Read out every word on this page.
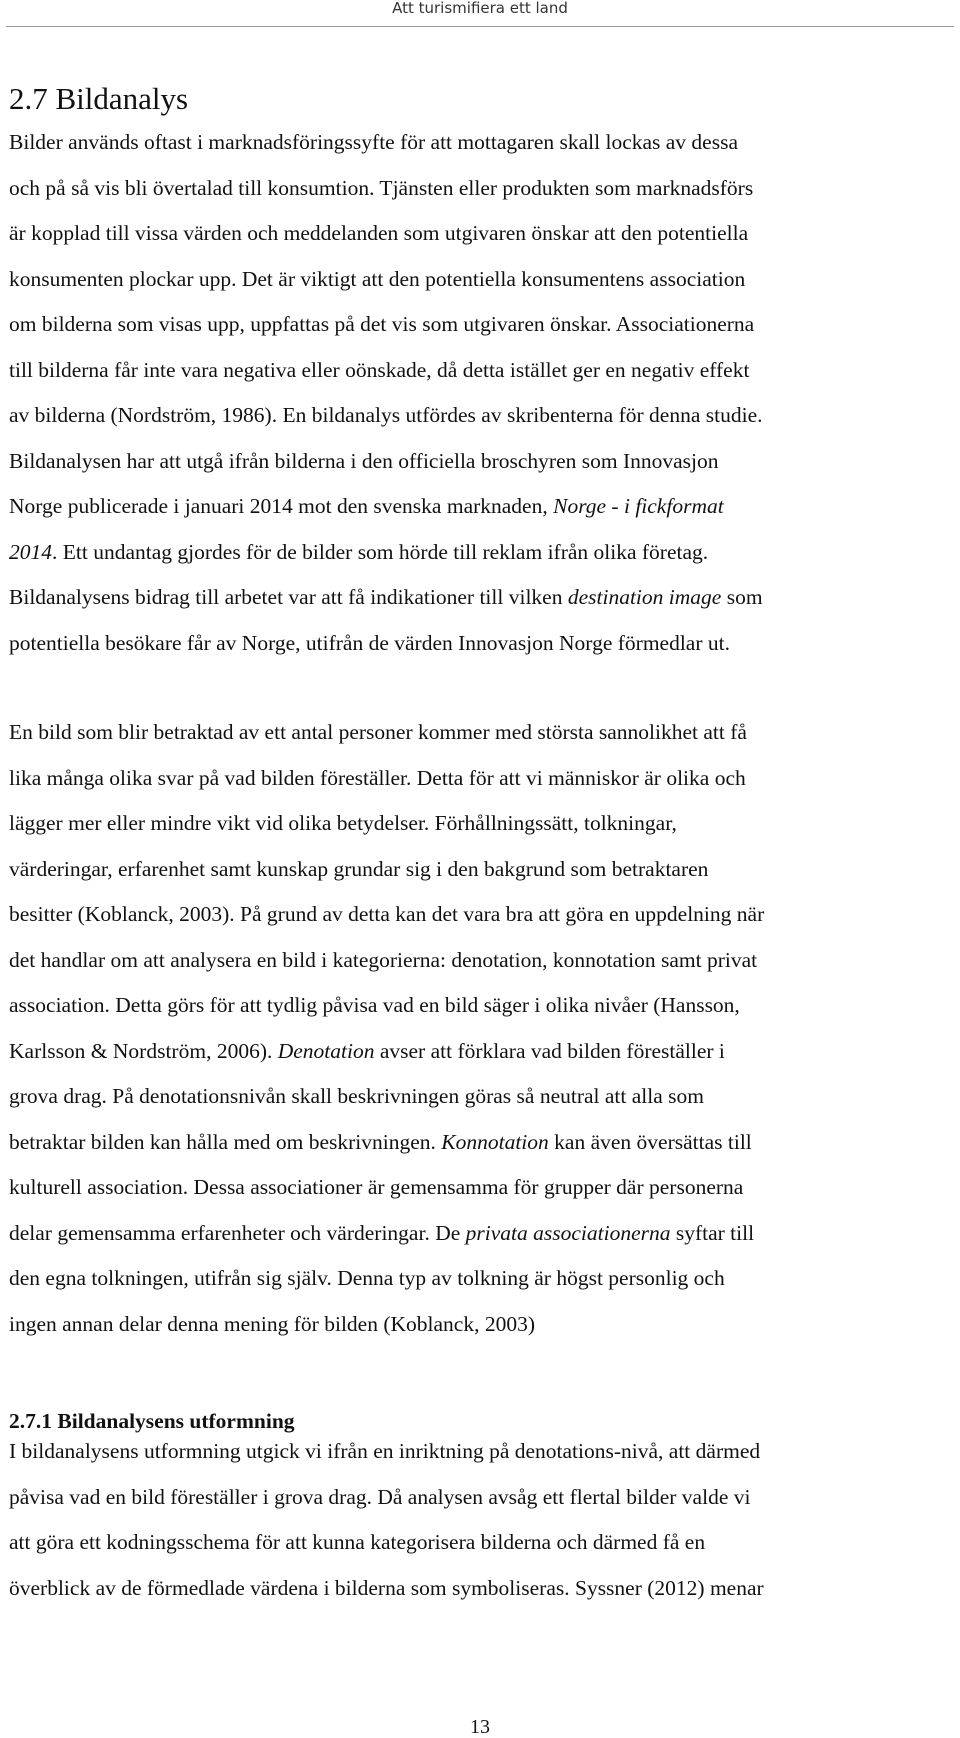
Att turismifiera ett land
2.7 Bildanalys
Bilder används oftast i marknadsföringssyfte för att mottagaren skall lockas av dessa
och på så vis bli övertalad till konsumtion. Tjänsten eller produkten som marknadsförs
är kopplad till vissa värden och meddelanden som utgivaren önskar att den potentiella
konsumenten plockar upp. Det är viktigt att den potentiella konsumentens association
om bilderna som visas upp, uppfattas på det vis som utgivaren önskar. Associationerna
till bilderna får inte vara negativa eller oönskade, då detta istället ger en negativ effekt
av bilderna (Nordström, 1986). En bildanalys utfördes av skribenterna för denna studie.
Bildanalysen har att utgå ifrån bilderna i den officiella broschyren som Innovasjon
Norge publicerade i januari 2014 mot den svenska marknaden, Norge - i fickformat
2014. Ett undantag gjordes för de bilder som hörde till reklam ifrån olika företag.
Bildanalysens bidrag till arbetet var att få indikationer till vilken destination image som
potentiella besökare får av Norge, utifrån de värden Innovasjon Norge förmedlar ut.
En bild som blir betraktad av ett antal personer kommer med största sannolikhet att få
lika många olika svar på vad bilden föreställer. Detta för att vi människor är olika och
lägger mer eller mindre vikt vid olika betydelser. Förhållningssätt, tolkningar,
värderingar, erfarenhet samt kunskap grundar sig i den bakgrund som betraktaren
besitter (Koblanck, 2003). På grund av detta kan det vara bra att göra en uppdelning när
det handlar om att analysera en bild i kategorierna: denotation, konnotation samt privat
association. Detta görs för att tydlig påvisa vad en bild säger i olika nivåer (Hansson,
Karlsson & Nordström, 2006). Denotation avser att förklara vad bilden föreställer i
grova drag. På denotationsnivån skall beskrivningen göras så neutral att alla som
betraktar bilden kan hålla med om beskrivningen. Konnotation kan även översättas till
kulturell association. Dessa associationer är gemensamma för grupper där personerna
delar gemensamma erfarenheter och värderingar. De privata associationerna syftar till
den egna tolkningen, utifrån sig själv. Denna typ av tolkning är högst personlig och
ingen annan delar denna mening för bilden (Koblanck, 2003)
2.7.1 Bildanalysens utformning
I bildanalysens utformning utgick vi ifrån en inriktning på denotations-nivå, att därmed
påvisa vad en bild föreställer i grova drag. Då analysen avsåg ett flertal bilder valde vi
att göra ett kodningsschema för att kunna kategorisera bilderna och därmed få en
överblick av de förmedlade värdena i bilderna som symboliseras. Syssner (2012) menar
13
